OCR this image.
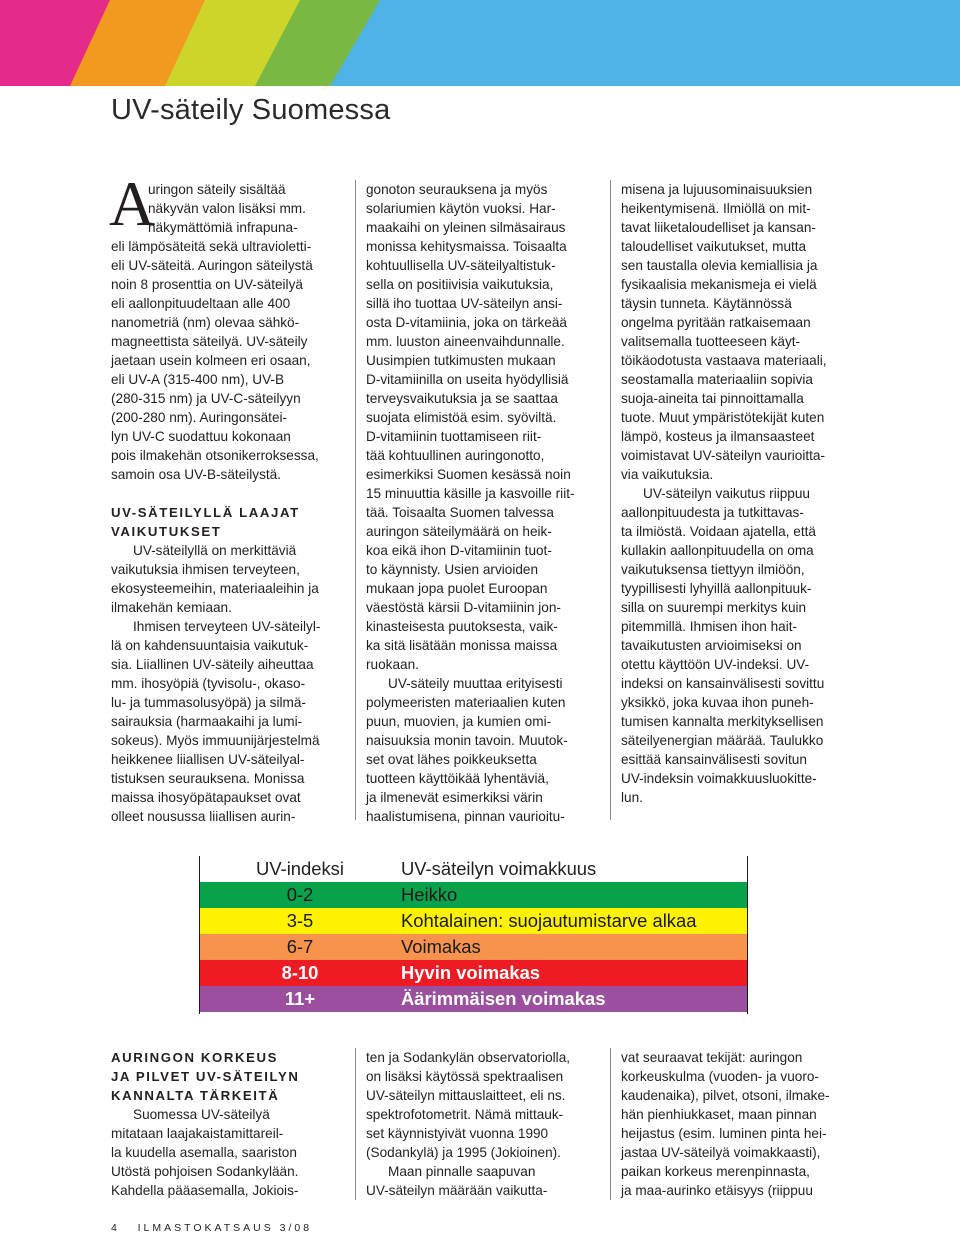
UV-säteily Suomessa
A
uringon säteily sisältää
näkyvän valon lisäksi mm.
näkymättömiä infrapuna-
eli lämpösäteitä sekä ultravioletti-
eli UV-säteitä. Auringon säteilystä
noin 8 prosenttia on UV-säteilyä
eli aallonpituudeltaan alle 400
nanometriä (nm) olevaa sähkö-
magneettista säteilyä. UV-säteily
jaetaan usein kolmeen eri osaan,
eli UV-A (315-400 nm), UV-B
(280-315 nm) ja UV-C-säteilyyn
(200-280 nm). Auringonsätei-
lyn UV-C suodattuu kokonaan
pois ilmakehän otsonikerroksessa,
samoin osa UV-B-säteilystä.
UV-SÄTEILYLLÄ LAAJAT
VAIKUTUKSET
UV-säteilyllä on merkittäviä
vaikutuksia ihmisen terveyteen,
ekosysteemeihin, materiaaleihin ja
ilmakehän kemiaan.
Ihmisen terveyteen UV-säteilyl-
lä on kahdensuuntaisia vaikutuk-
sia. Liiallinen UV-säteily aiheuttaa
mm. ihosyöpiä (tyvisolu-, okaso-
lu- ja tummasolusyöpä) ja silmä-
sairauksia (harmaakaihi ja lumi-
sokeus). Myös immuunijärjestelmä
heikkenee liiallisen UV-säteilyal-
tistuksen seurauksena. Monissa
maissa ihosyöpätapaukset ovat
olleet nousussa liiallisen aurin-
gonoton seurauksena ja myös
solariumien käytön vuoksi. Har-
maakaihi on yleinen silmäsairaus
monissa kehitysmaissa. Toisaalta
kohtuullisella UV-säteilyaltistuk-
sella on positiivisia vaikutuksia,
sillä iho tuottaa UV-säteilyn ansi-
osta D-vitamiinia, joka on tärkeää
mm. luuston aineenvaihdunnalle.
Uusimpien tutkimusten mukaan
D-vitamiinilla on useita hyödyllisiä
terveysvaikutuksia ja se saattaa
suojata elimistöä esim. syöviltä.
D-vitamiinin tuottamiseen riit-
tää kohtuullinen auringonotto,
esimerkiksi Suomen kesässä noin
15 minuuttia käsille ja kasvoille riit-
tää. Toisaalta Suomen talvessa
auringon säteilymäärä on heik-
koa eikä ihon D-vitamiinin tuot-
to käynnisty. Usien arvioiden
mukaan jopa puolet Euroopan
väestöstä kärsii D-vitamiinin jon-
kinasteisesta puutoksesta, vaik-
ka sitä lisätään monissa maissa
ruokaan.
UV-säteily muuttaa erityisesti
polymeeristen materiaalien kuten
puun, muovien, ja kumien omi-
naisuuksia monin tavoin. Muutok-
set ovat lähes poikkeuksetta
tuotteen käyttöikää lyhentäviä,
ja ilmenevät esimerkiksi värin
haalistumisena, pinnan vaurioitu-
misena ja lujuusominaisuuksien
heikentymisenä. Ilmiöllä on mit-
tavat liiketaloudelliset ja kansan-
taloudelliset vaikutukset, mutta
sen taustalla olevia kemiallisia ja
fysikaalisia mekanismeja ei vielä
täysin tunneta. Käytännössä
ongelma pyritään ratkaisemaan
valitsemalla tuotteeseen käyt-
töikäodotusta vastaava materiaali,
seostamalla materiaaliin sopivia
suoja-aineita tai pinnoittamalla
tuote. Muut ympäristötekijät kuten
lämpö, kosteus ja ilmansaasteet
voimistavat UV-säteilyn vaurioitta-
via vaikutuksia.
UV-säteilyn vaikutus riippuu
aallonpituudesta ja tutkittavas-
ta ilmiöstä. Voidaan ajatella, että
kullakin aallonpituudella on oma
vaikutuksensa tiettyyn ilmiöön,
tyypillisesti lyhyillä aallonpituuk-
silla on suurempi merkitys kuin
pitemmillä. Ihmisen ihon hait-
tavaikutusten arvioimiseksi on
otettu käyttöön UV-indeksi. UV-
indeksi on kansainvälisesti sovittu
yksikkö, joka kuvaa ihon puneh-
tumisen kannalta merkityksellisen
säteilyenergian määrää. Taulukko
esittää kansainvälisesti sovitun
UV-indeksin voimakkuusluokitte-
lun.
UV-indeksi	UV-säteilyn voimakkuus
0-2	Heikko
3-5	Kohtalainen: suojautumistarve alkaa
6-7	Voimakas
8-10	Hyvin voimakas
11+	Äärimmäisen voimakas
AURINGON KORKEUS
JA PILVET UV-SÄTEILYN
KANNALTA TÄRKEITÄ
Suomessa UV-säteilyä
mitataan laajakaistamittareil-
la kuudella asemalla, saariston
Utöstä pohjoisen Sodankylään.
Kahdella pääasemalla, Jokiois-
ten ja Sodankylän observatoriolla,
on lisäksi käytössä spektraalisen
UV-säteilyn mittauslaitteet, eli ns.
spektrofotometrit. Nämä mittauk-
set käynnistyivät vuonna 1990
(Sodankylä) ja 1995 (Jokioinen).
Maan pinnalle saapuvan
UV-säteilyn määrään vaikutta-
vat seuraavat tekijät: auringon
korkeuskulma (vuoden- ja vuoro-
kaudenaika), pilvet, otsoni, ilmake-
hän pienhiukkaset, maan pinnan
heijastus (esim. luminen pinta hei-
jastaa UV-säteilyä voimakkaasti),
paikan korkeus merenpinnasta,
ja maa-aurinko etäisyys (riippuu
4   ILMASTOKATSAUS 3/08
